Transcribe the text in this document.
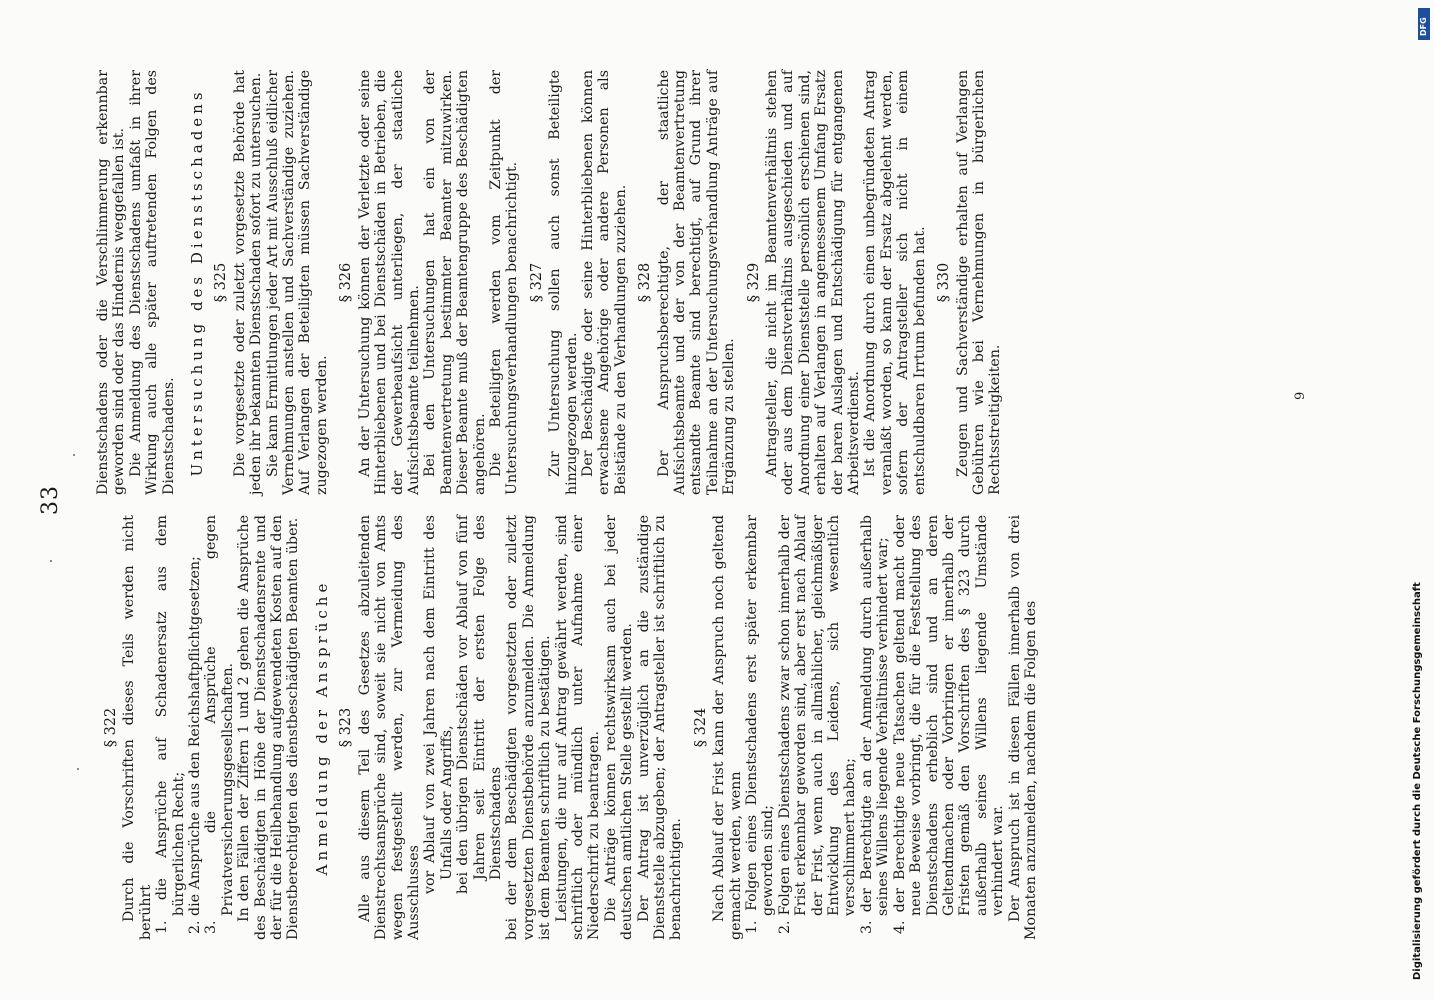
33
§ 322 Durch die Vorschriften dieses Teils werden nicht berührt 1. die Ansprüche auf Schadenersatz aus dem bürgerlichen Recht; 2. die Ansprüche aus den Reichshaftpflichtgesetzen; 3. die Ansprüche gegen Privatversicherungsgesellschaften. In den Fällen der Ziffern 1 und 2 gehen die Ansprüche des Beschädigten in Höhe der Dienstschadensrente und der für die Heilbehandlung aufgewendeten Kosten auf den Dienstberechtigten des dienstbeschädigten Beamten über. Anmeldung der Ansprüche § 323 Alle aus diesem Teil des Gesetzes abzuleitenden Dienstrechtsansprüche sind, soweit sie nicht von Amts wegen festgestellt werden, zur Vermeidung des Ausschlusses vor Ablauf von zwei Jahren nach dem Eintritt des Unfalls oder Angriffs, bei den übrigen Dienstschäden vor Ablauf von fünf Jahren seit Eintritt der ersten Folge des Dienstschadens bei der dem Beschädigten vorgesetzten oder zuletzt vorgesetzten Dienstbehörde anzumelden. Die Anmeldung ist dem Beamten schriftlich zu bestätigen. Leistungen, die nur auf Antrag gewährt werden, sind schriftlich oder mündlich unter Aufnahme einer Niederschrift zu beantragen. Die Anträge können rechtswirksam auch bei jeder deutschen amtlichen Stelle gestellt werden. Der Antrag ist unverzüglich an die zuständige Dienststelle abzugeben; der Antragsteller ist schriftlich zu benachrichtigen.

§ 324 Nach Ablauf der Frist kann der Anspruch noch geltend gemacht werden, wenn 1. Folgen eines Dienstschadens erst später erkennbar geworden sind; 2. Folgen eines Dienstschadens zwar schon innerhalb der Frist erkennbar geworden sind, aber erst nach Ablauf der Frist, wenn auch in allmählicher, gleichmäßiger Entwicklung des Leidens, sich wesentlich verschlimmert haben; 3. der Berechtigte an der Anmeldung durch außerhalb seines Willens liegende Verhältnisse verhindert war; 4. der Berechtigte neue Tatsachen geltend macht oder neue Beweise vorbringt, die für die Feststellung des Dienstschadens erheblich sind und an deren Geltendmachen oder Vorbringen er innerhalb der Fristen gemäß den Vorschriften des § 323 durch außerhalb seines Willens liegende Umstände verhindert war. Der Anspruch ist in diesen Fällen innerhalb von drei Monaten anzumelden, nachdem die Folgen des

Dienstschadens oder die Verschlimmerung erkennbar geworden sind oder das Hindernis weggefallen ist. Die Anmeldung des Dienstschadens umfaßt in ihrer Wirkung auch alle später auftretenden Folgen des Dienstschadens. Untersuchung des Dienstschadens § 325 Die vorgesetzte oder zuletzt vorgesetzte Behörde hat jeden ihr bekannten Dienstschaden sofort zu untersuchen. Sie kann Ermittlungen jeder Art mit Ausschluß eidlicher Vernehmungen anstellen und Sachverständige zuziehen. Auf Verlangen der Beteiligten müssen Sachverständige zugezogen werden.

§ 326 An der Untersuchung können der Verletzte oder seine Hinterbliebenen und bei Dienstschäden in Betrieben, die der Gewerbeaufsicht unterliegen, der staatliche Aufsichtsbeamte teilnehmen. Bei den Untersuchungen hat ein von der Beamtenvertretung bestimmter Beamter mitzuwirken. Dieser Beamte muß der Beamtengruppe des Beschädigten angehören. Die Beteiligten werden vom Zeitpunkt der Untersuchungsverhandlungen benachrichtigt. § 327 Zur Untersuchung sollen auch sonst Beteiligte hinzugezogen werden. Der Beschädigte oder seine Hinterbliebenen können erwachsene Angehörige oder andere Personen als Beistände zu den Verhandlungen zuziehen. § 328 Der Anspruchsberechtigte, der staatliche Aufsichtsbeamte und der von der Beamtenvertretung entsandte Beamte sind berechtigt, auf Grund ihrer Teilnahme an der Untersuchungsverhandlung Anträge auf Ergänzung zu stellen.

§ 329 Antragsteller, die nicht im Beamtenverhältnis stehen oder aus dem Dienstverhältnis ausgeschieden und auf Anordnung einer Dienststelle persönlich erschienen sind, erhalten auf Verlangen in angemessenem Umfang Ersatz der baren Auslagen und Entschädigung für entgangenen Arbeitsverdienst. Ist die Anordnung durch einen unbegründeten Antrag veranlaßt worden, so kann der Ersatz abgelehnt werden, sofern der Antragsteller sich nicht in einem entschuldbaren Irrtum befunden hat. § 330 Zeugen und Sachverständige erhalten auf Verlangen Gebühren wie bei Vernehmungen in bürgerlichen Rechtsstreitigkeiten.	9
Digitalisierung gefördert durch die Deutsche Forschungsgemeinschaft
DFG
